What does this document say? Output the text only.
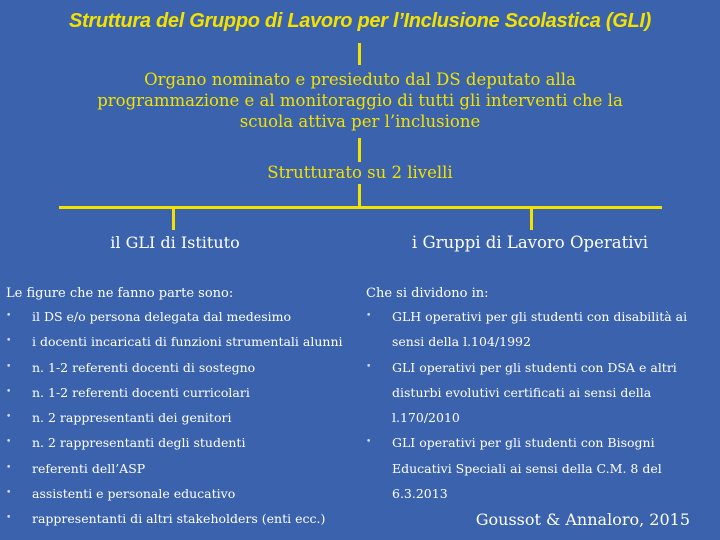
Struttura del Gruppo di Lavoro per l’Inclusione Scolastica (GLI)
Organo nominato e presieduto dal DS deputato alla
programmazione e al monitoraggio di tutti gli interventi che la
scuola attiva per l’inclusione
Strutturato su 2 livelli
il GLI di Istituto	i Gruppi di Lavoro Operativi
Le figure che ne fanno parte sono:	Che si dividono in:
• il DS e/o persona delegata dal medesimo
• i docenti incaricati di funzioni strumentali alunni
• n. 1-2 referenti docenti di sostegno
• n. 1-2 referenti docenti curricolari
• n. 2 rappresentanti dei genitori
• n. 2 rappresentanti degli studenti
• referenti dell’ASP
• assistenti e personale educativo
• rappresentanti di altri stakeholders (enti ecc.)
• GLH operativi per gli studenti con disabilità ai
sensi della l.104/1992
• GLI operativi per gli studenti con DSA e altri
disturbi evolutivi certificati ai sensi della
l.170/2010
• GLI operativi per gli studenti con Bisogni
Educativi Speciali ai sensi della C.M. 8 del
6.3.2013
Goussot & Annaloro, 2015
